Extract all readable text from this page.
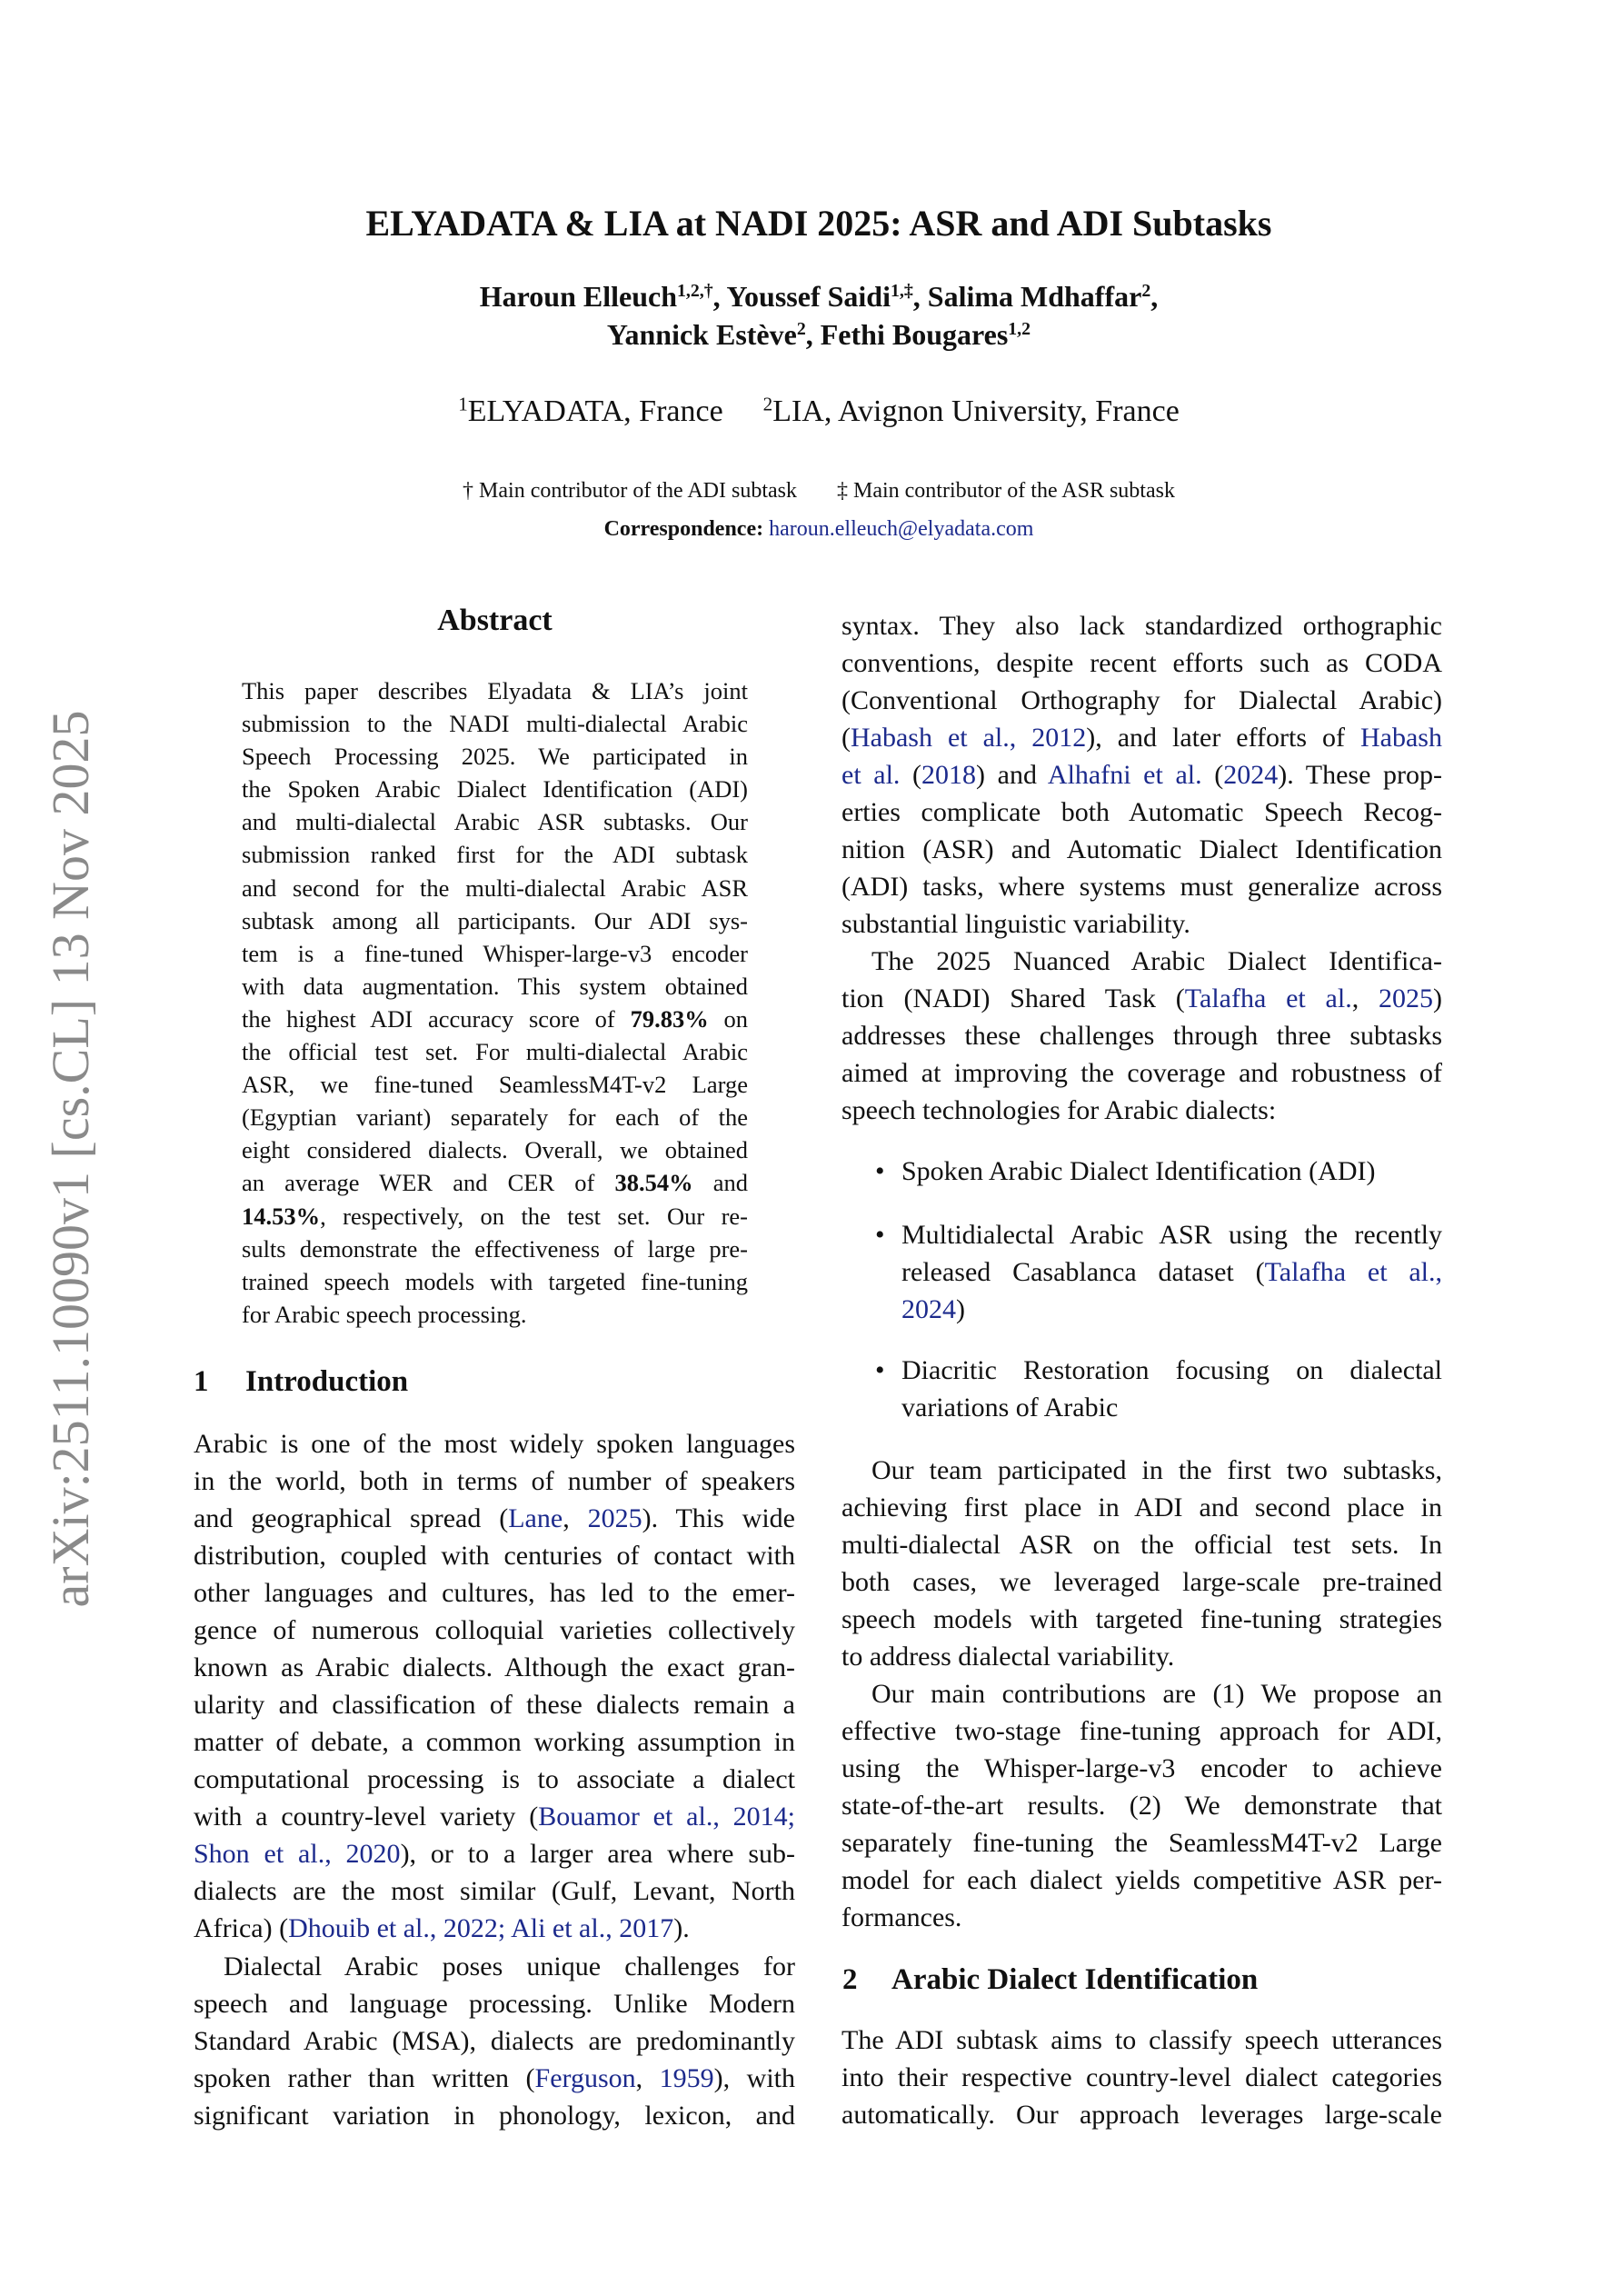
arXiv:2511.10090v1 [cs.CL] 13 Nov 2025
ELYADATA & LIA at NADI 2025: ASR and ADI Subtasks
Haroun Elleuch$^{1,2,\dagger}$, Youssef Saidi$^{1,\ddagger}$, Salima Mdhaffar$^2$,
Yannick Estève$^2$, Fethi Bougares$^{1,2}$
$^1$ELYADATA, France $^2$LIA, Avignon University, France
† Main contributor of the ADI subtask ‡ Main contributor of the ASR subtask
Correspondence: haroun.elleuch@elyadata.com
Abstract
This paper describes Elyadata & LIA’s joint
submission to the NADI multi-dialectal Arabic
Speech Processing 2025. We participated in
the Spoken Arabic Dialect Identification (ADI)
and multi-dialectal Arabic ASR subtasks. Our
submission ranked first for the ADI subtask
and second for the multi-dialectal Arabic ASR
subtask among all participants. Our ADI sys-
tem is a fine-tuned Whisper-large-v3 encoder
with data augmentation. This system obtained
the highest ADI accuracy score of 79.83% on
the official test set. For multi-dialectal Arabic
ASR, we fine-tuned SeamlessM4T-v2 Large
(Egyptian variant) separately for each of the
eight considered dialects. Overall, we obtained
an average WER and CER of 38.54% and
14.53%, respectively, on the test set. Our re-
sults demonstrate the effectiveness of large pre-
trained speech models with targeted fine-tuning
for Arabic speech processing.
1 Introduction
Arabic is one of the most widely spoken languages
in the world, both in terms of number of speakers
and geographical spread (Lane, 2025). This wide
distribution, coupled with centuries of contact with
other languages and cultures, has led to the emer-
gence of numerous colloquial varieties collectively
known as Arabic dialects. Although the exact gran-
ularity and classification of these dialects remain a
matter of debate, a common working assumption in
computational processing is to associate a dialect
with a country-level variety (Bouamor et al., 2014;
Shon et al., 2020), or to a larger area where sub-
dialects are the most similar (Gulf, Levant, North
Africa) (Dhouib et al., 2022; Ali et al., 2017).
Dialectal Arabic poses unique challenges for
speech and language processing. Unlike Modern
Standard Arabic (MSA), dialects are predominantly
spoken rather than written (Ferguson, 1959), with
significant variation in phonology, lexicon, and
syntax. They also lack standardized orthographic
conventions, despite recent efforts such as CODA
(Conventional Orthography for Dialectal Arabic)
(Habash et al., 2012), and later efforts of Habash
et al. (2018) and Alhafni et al. (2024). These prop-
erties complicate both Automatic Speech Recog-
nition (ASR) and Automatic Dialect Identification
(ADI) tasks, where systems must generalize across
substantial linguistic variability.
The 2025 Nuanced Arabic Dialect Identifica-
tion (NADI) Shared Task (Talafha et al., 2025)
addresses these challenges through three subtasks
aimed at improving the coverage and robustness of
speech technologies for Arabic dialects:
• Spoken Arabic Dialect Identification (ADI)
• Multidialectal Arabic ASR using the recently
released Casablanca dataset (Talafha et al.,
2024)
• Diacritic Restoration focusing on dialectal
variations of Arabic
Our team participated in the first two subtasks,
achieving first place in ADI and second place in
multi-dialectal ASR on the official test sets. In
both cases, we leveraged large-scale pre-trained
speech models with targeted fine-tuning strategies
to address dialectal variability.
Our main contributions are (1) We propose an
effective two-stage fine-tuning approach for ADI,
using the Whisper-large-v3 encoder to achieve
state-of-the-art results. (2) We demonstrate that
separately fine-tuning the SeamlessM4T-v2 Large
model for each dialect yields competitive ASR per-
formances.
2 Arabic Dialect Identification
The ADI subtask aims to classify speech utterances
into their respective country-level dialect categories
automatically. Our approach leverages large-scale
